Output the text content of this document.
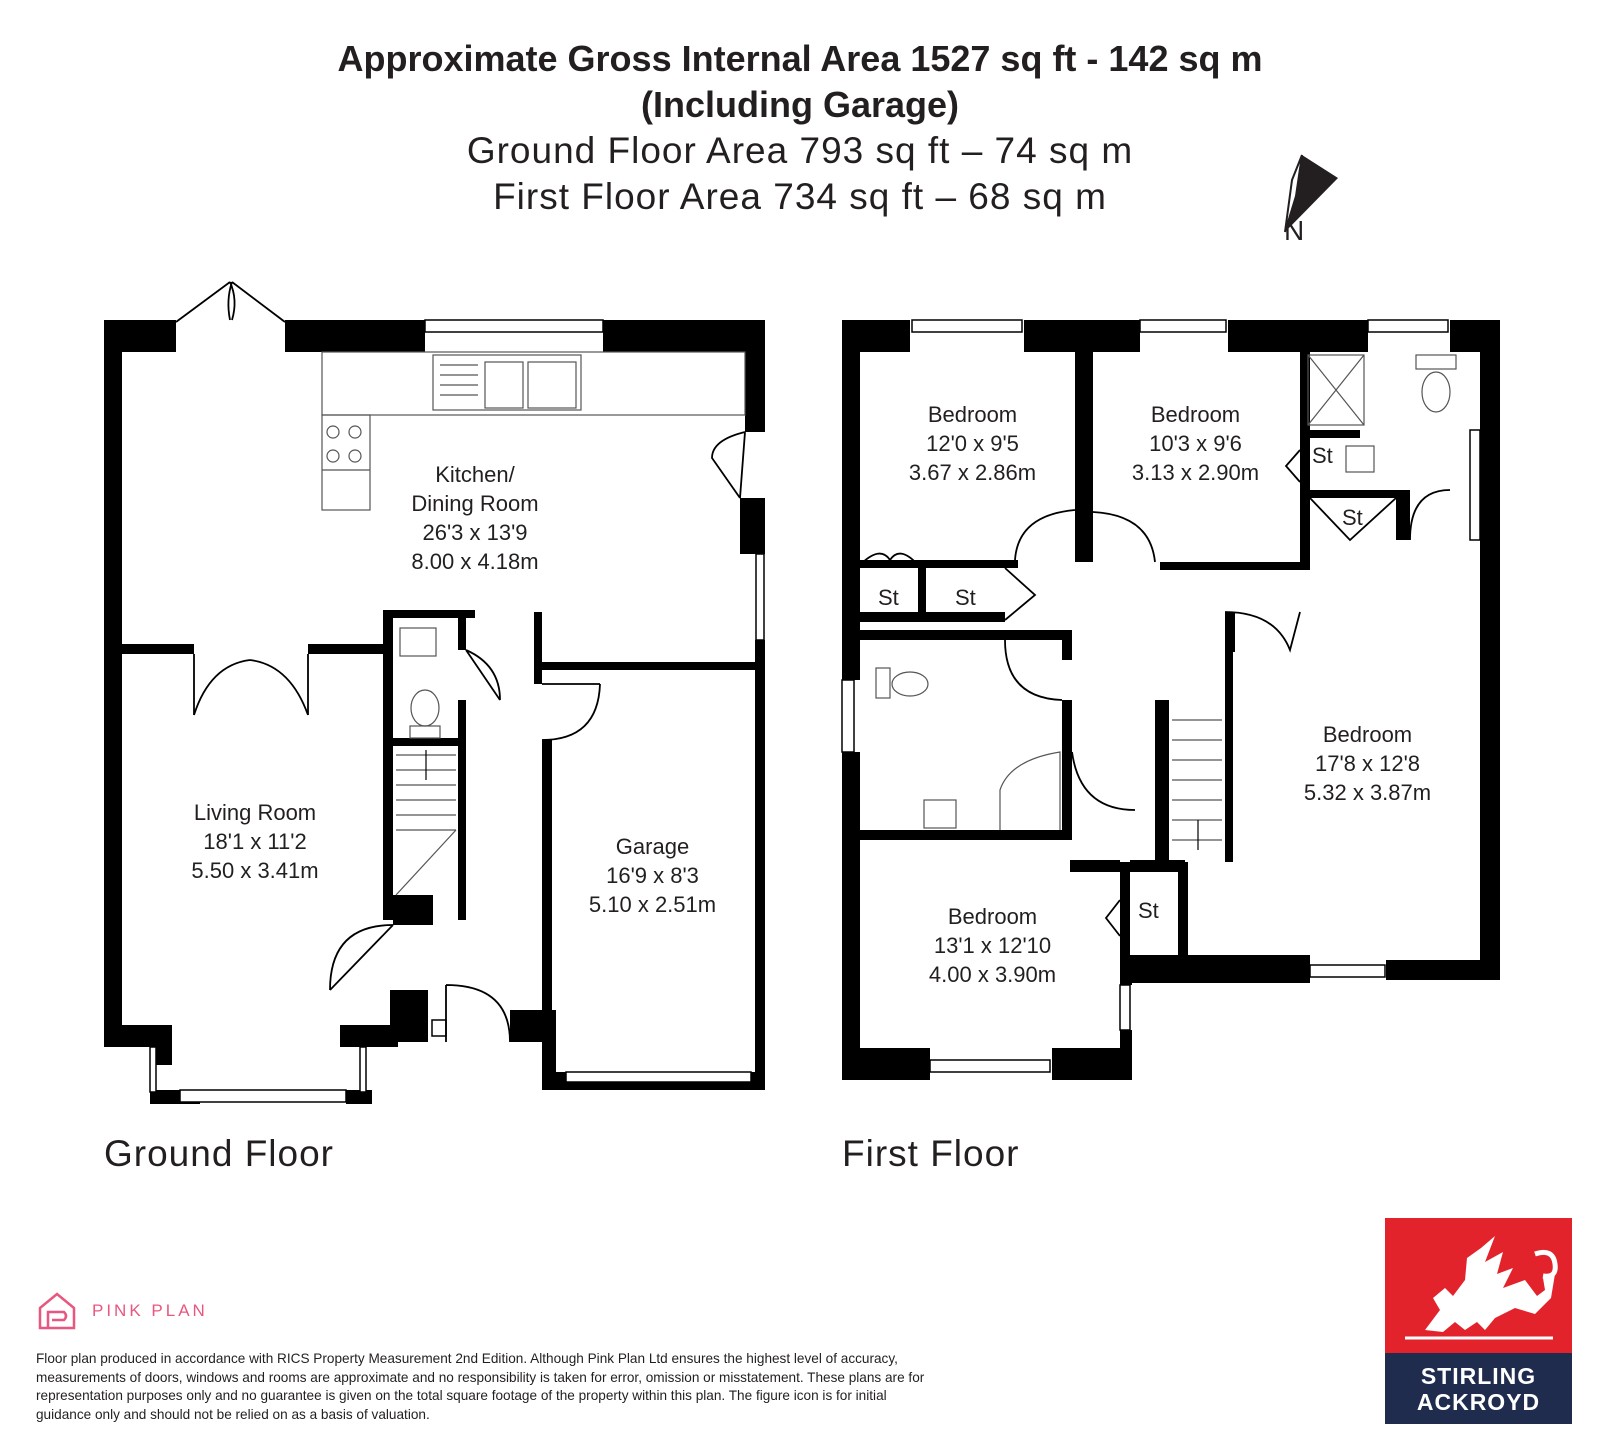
Approximate Gross Internal Area 1527 sq ft - 142 sq m
(Including Garage)
Ground Floor Area 793 sq ft – 74 sq m
First Floor Area 734 sq ft – 68 sq m
N
Kitchen/
Dining Room
26'3 x 13'9
8.00 x 4.18m
Living Room
18'1 x 11'2
5.50 x 3.41m
Garage
16'9 x 8'3
5.10 x 2.51m
Bedroom
12'0 x 9'5
3.67 x 2.86m
Bedroom
10'3 x 9'6
3.13 x 2.90m
Bedroom
17'8 x 12'8
5.32 x 3.87m
Bedroom
13'1 x 12'10
4.00 x 3.90m
St	St
St
St
St
Ground Floor	First Floor
PINK PLAN
Floor plan produced in accordance with RICS Property Measurement 2nd Edition. Although Pink Plan Ltd ensures the highest level of accuracy, measurements of doors, windows and rooms are approximate and no responsibility is taken for error, omission or misstatement. These plans are for representation purposes only and no guarantee is given on the total square footage of the property within this plan. The figure icon is for initial guidance only and should not be relied on as a basis of valuation.
STIRLING
ACKROYD
